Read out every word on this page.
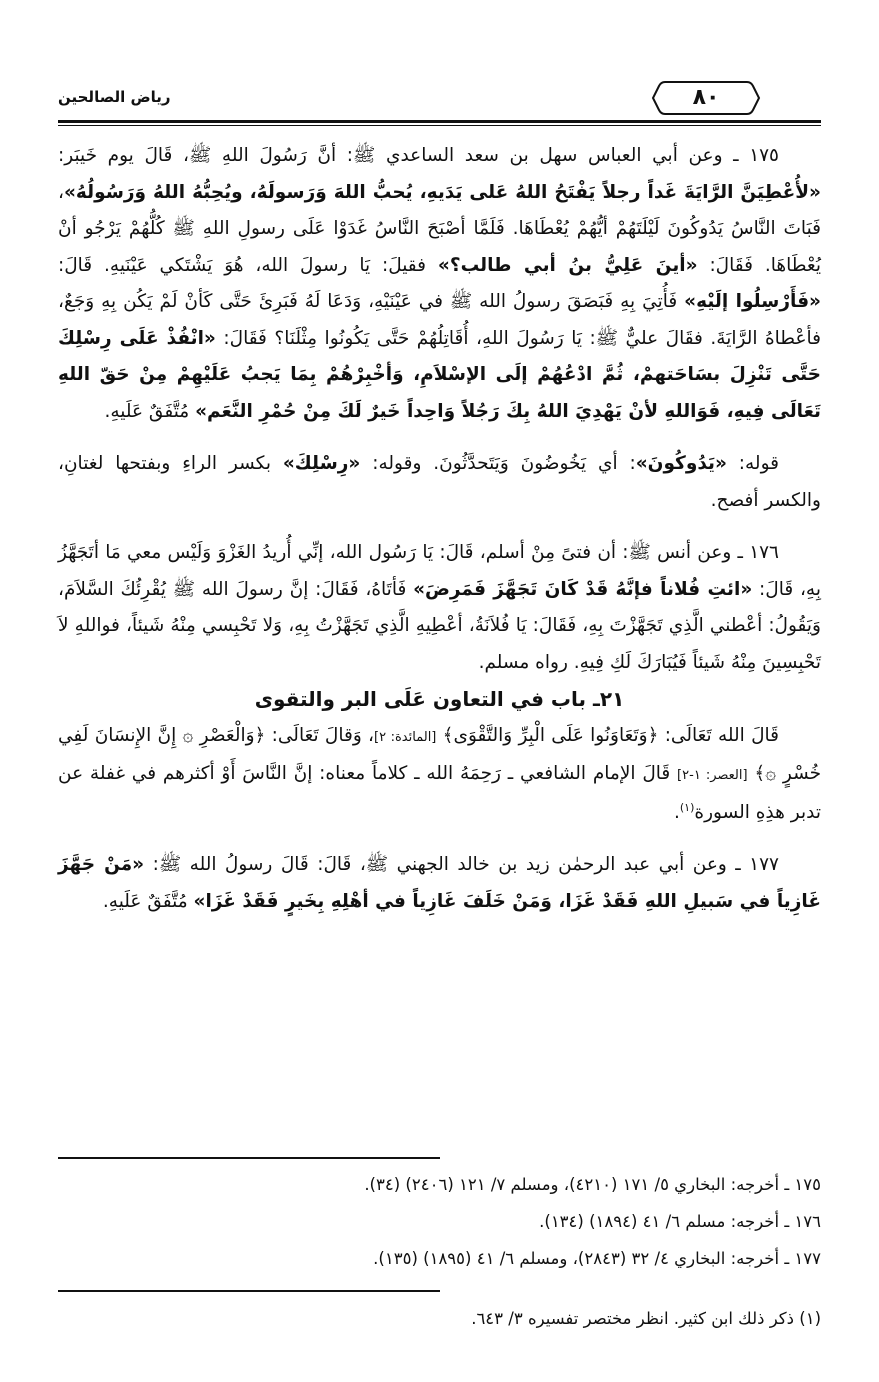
رياض الصالحين	٨٠

١٧٥ ـ وعن أبي العباس سهل بن سعد الساعدي ﷺ: أنَّ رَسُولَ اللهِ ﷺ، قَالَ يوم خَيبَر: «لأُعْطِيَنَّ الرَّايَةَ غَداً رجلاً يَفْتَحُ اللهُ عَلى يَدَيهِ، يُحبُّ اللهَ وَرَسولَهُ، ويُحِبُّهُ اللهُ وَرَسُولُهُ»، فَبَاتَ النَّاسُ يَدُوكُونَ لَيْلَتَهُمْ أيُّهُمْ يُعْطَاهَا. فَلَمَّا أصْبَحَ النَّاسُ غَدَوْا عَلَى رسولِ اللهِ ﷺ كُلُّهُمْ يَرْجُو أنْ يُعْطَاهَا. فَقَالَ: «أينَ عَلِيُّ بنُ أبي طالب؟» فقيلَ: يَا رسولَ الله، هُوَ يَشْتَكي عَيْنَيهِ. قَالَ: «فَأَرْسِلُوا إلَيْهِ» فَأُتِيَ بِهِ فَبَصَقَ رسولُ الله ﷺ في عَيْنَيْهِ، وَدَعَا لَهُ فَبَرِئَ حَتَّى كَأنْ لَمْ يَكُن بِهِ وَجَعٌ، فأعْطاهُ الرَّايَةَ. فقَالَ عليٌّ ﷺ: يَا رَسُولَ اللهِ، أُقَاتِلُهُمْ حَتَّى يَكُونُوا مِثْلَنَا؟ فَقَالَ: «انْفُذْ عَلَى رِسْلِكَ حَتَّى تَنْزِلَ بسَاحَتهمْ، ثُمَّ ادْعُهُمْ إلَى الإسْلاَمِ، وَأخْبِرْهُمْ بِمَا يَجبُ عَلَيْهِمْ مِنْ حَقّ اللهِ تَعَالَى فِيهِ، فَوَاللهِ لأنْ يَهْدِيَ اللهُ بِكَ رَجُلاً وَاحِداً خَيرٌ لَكَ مِنْ حُمْرِ النَّعَم» مُتَّفَقٌ عَلَيهِ.

قوله: «يَدُوكُونَ»: أي يَخُوضُونَ وَيَتَحدَّثُونَ. وقوله: «رِسْلِكَ» بكسر الراءِ وبفتحها لغتانِ، والكسر أفصح.

١٧٦ ـ وعن أنس ﷺ: أن فتىً مِنْ أسلم، قَالَ: يَا رَسُول الله، إنِّي أُريدُ الغَزْوَ وَلَيْس معي مَا أتَجَهَّزُ بِهِ، قَالَ: «ائتِ فُلاناً فإنَّهُ قَدْ كَانَ تَجَهَّزَ فَمَرِضَ» فَأتَاهُ، فَقَالَ: إنَّ رسولَ الله ﷺ يُقْرِئُكَ السَّلاَمَ، وَيَقُولُ: أعْطني الَّذِي تَجَهَّزْتَ بِهِ، فَقَالَ: يَا فُلاَنَةُ، أعْطِيهِ الَّذِي تَجَهَّزْتُ بِهِ، وَلا تَحْبِسي مِنْهُ شَيئاً، فواللهِ لاَ تَحْبِسِينَ مِنْهُ شَيئاً فَيُبَارَكَ لَكِ فِيهِ. رواه مسلم.

٢١ـ باب في التعاون عَلَى البر والتقوى

قَالَ الله تَعَالَى: ﴿وَتَعَاوَنُوا عَلَى الْبِرِّ وَالتَّقْوَى﴾ [المائدة: ٢]، وَقالَ تَعَالَى: ﴿وَالْعَصْرِ ۞ إِنَّ الإِنسَانَ لَفِي خُسْرٍ ۞﴾ [العصر: ١-٢] قَالَ الإمام الشافعي ـ رَحِمَهُ الله ـ كلاماً معناه: إنَّ النَّاسَ أَوْ أكثرهم في غفلة عن تدبر هذِهِ السورة$^{(١)}$.

١٧٧ ـ وعن أبي عبد الرحمٰن زيد بن خالد الجهني ﷺ، قَالَ: قَالَ رسولُ الله ﷺ: «مَنْ جَهَّزَ غَازِياً في سَبيلِ اللهِ فَقَدْ غَزَا، وَمَنْ خَلَفَ غَازِياً في أهْلِهِ بِخَيرٍ فَقَدْ غَزَا» مُتَّفَقٌ عَلَيهِ.

١٧٥ ـ أخرجه: البخاري ٥/ ١٧١ (٤٢١٠)، ومسلم ٧/ ١٢١ (٢٤٠٦) (٣٤).
١٧٦ ـ أخرجه: مسلم ٦/ ٤١ (١٨٩٤) (١٣٤).
١٧٧ ـ أخرجه: البخاري ٤/ ٣٢ (٢٨٤٣)، ومسلم ٦/ ٤١ (١٨٩٥) (١٣٥).
(١) ذكر ذلك ابن كثير. انظر مختصر تفسيره ٣/ ٦٤٣.
